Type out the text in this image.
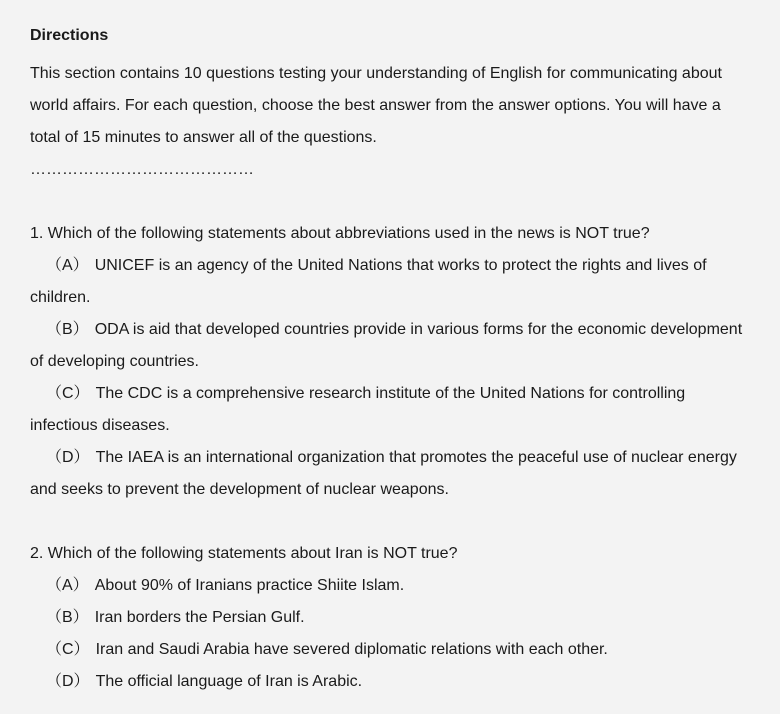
Directions

This section contains 10 questions testing your understanding of English for communicating about world affairs. For each question, choose the best answer from the answer options. You will have a total of 15 minutes to answer all of the questions.

……………………………………

1. Which of the following statements about abbreviations used in the news is NOT true?

（A） UNICEF is an agency of the United Nations that works to protect the rights and lives of children.

（B） ODA is aid that developed countries provide in various forms for the economic development of developing countries.

（C） The CDC is a comprehensive research institute of the United Nations for controlling infectious diseases.

（D） The IAEA is an international organization that promotes the peaceful use of nuclear energy and seeks to prevent the development of nuclear weapons.

2. Which of the following statements about Iran is NOT true?

（A） About 90% of Iranians practice Shiite Islam.

（B） Iran borders the Persian Gulf.

（C） Iran and Saudi Arabia have severed diplomatic relations with each other.

（D） The official language of Iran is Arabic.
